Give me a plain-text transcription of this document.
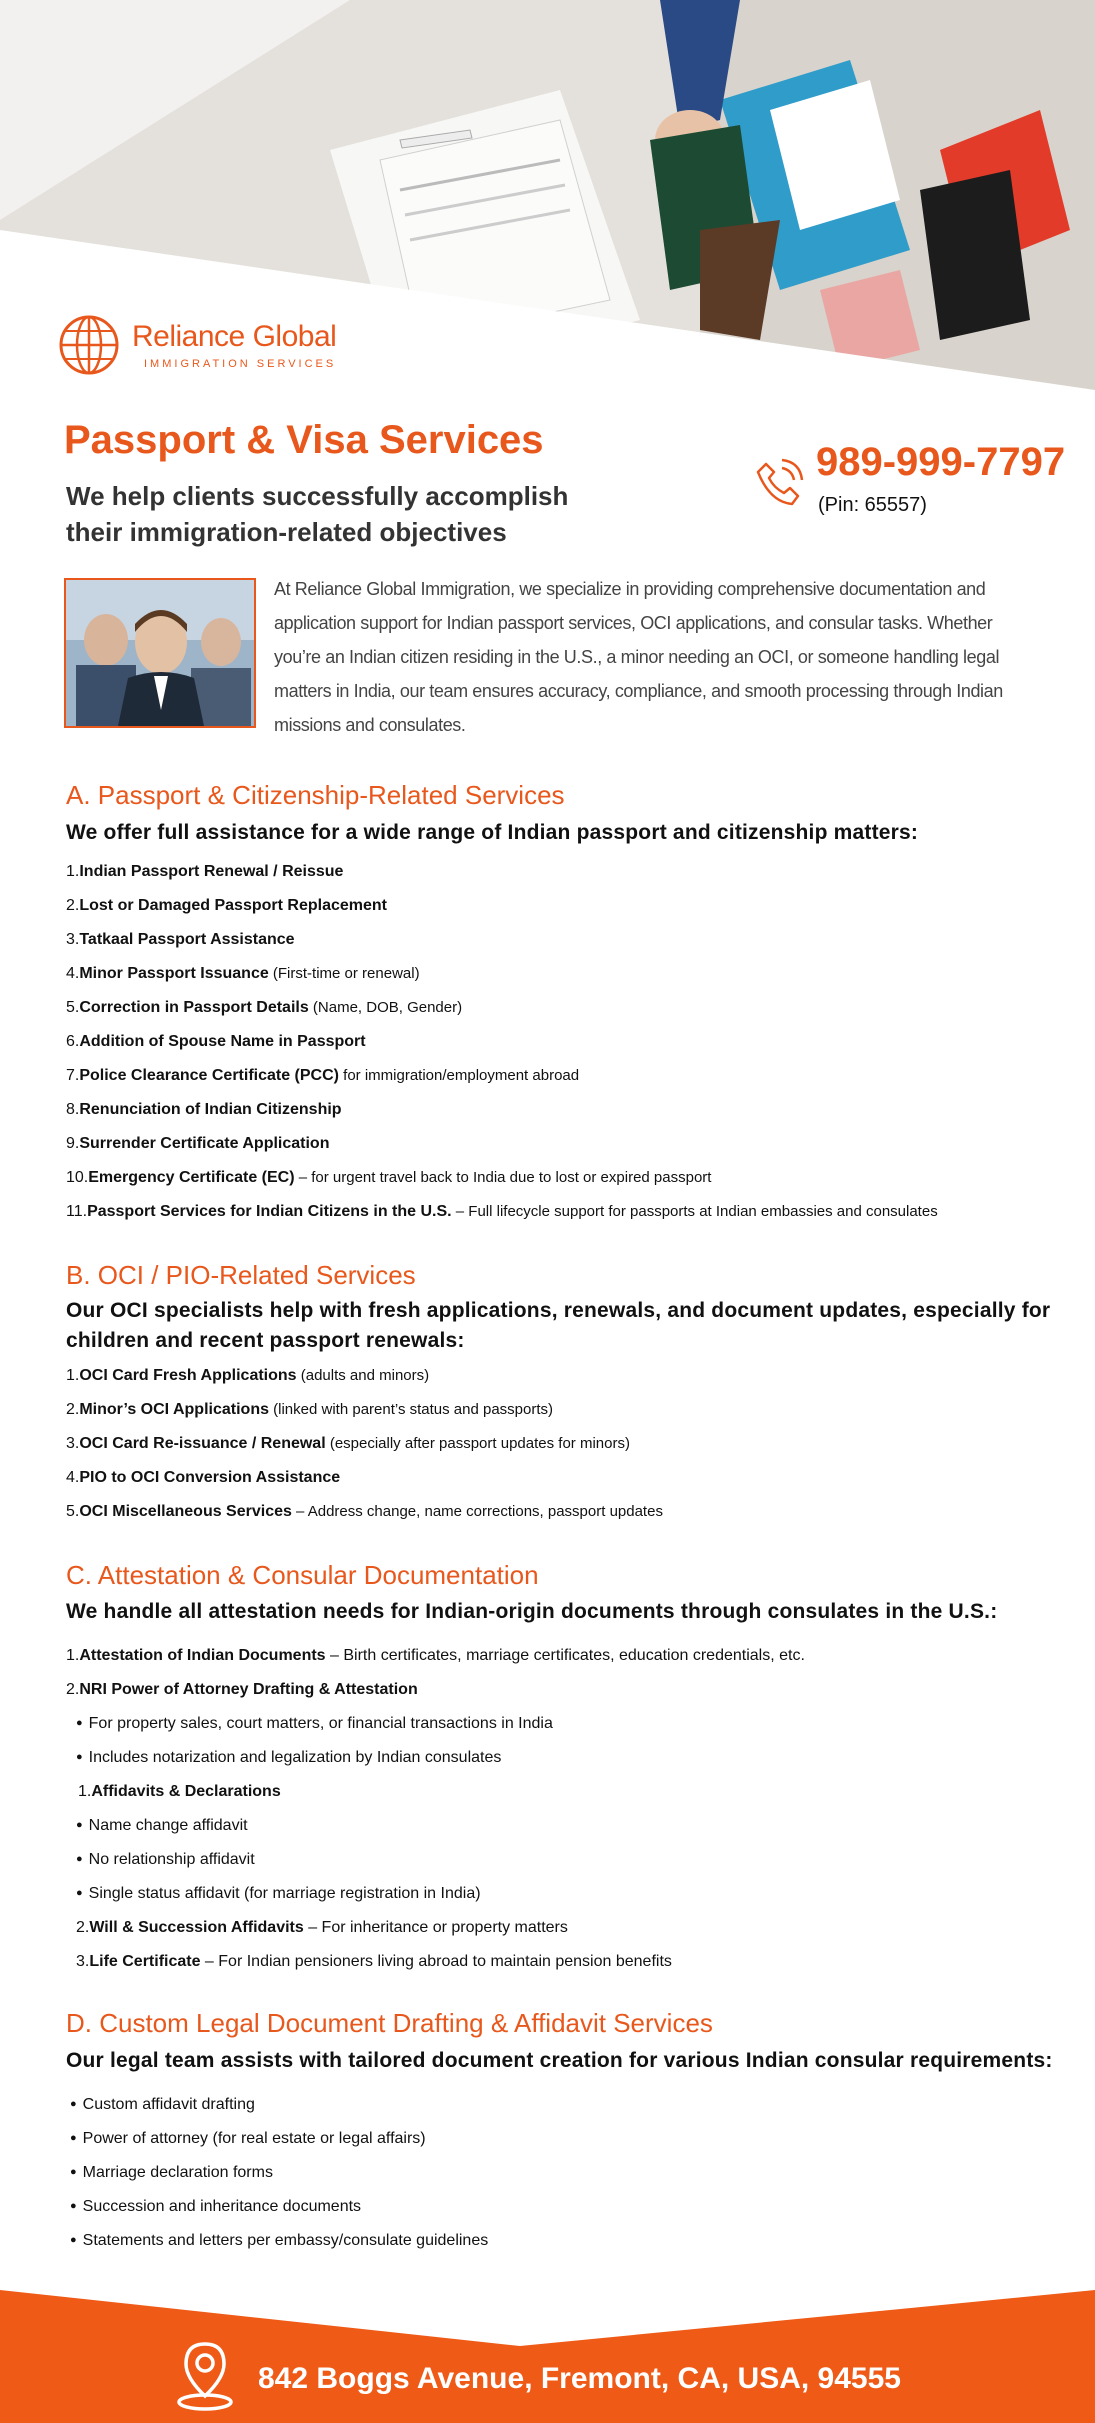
Reliance Global
IMMIGRATION SERVICES
Passport & Visa Services

We help clients successfully accomplish their immigration-related objectives

989-999-7797
(Pin: 65557)

At Reliance Global Immigration, we specialize in providing comprehensive documentation and application support for Indian passport services, OCI applications, and consular tasks. Whether you’re an Indian citizen residing in the U.S., a minor needing an OCI, or someone handling legal matters in India, our team ensures accuracy, compliance, and smooth processing through Indian missions and consulates.

A. Passport & Citizenship-Related Services

We offer full assistance for a wide range of Indian passport and citizenship matters:

1.Indian Passport Renewal / Reissue
2.Lost or Damaged Passport Replacement
3.Tatkaal Passport Assistance
4.Minor Passport Issuance (First-time or renewal)
5.Correction in Passport Details (Name, DOB, Gender)
6.Addition of Spouse Name in Passport
7.Police Clearance Certificate (PCC) for immigration/employment abroad
8.Renunciation of Indian Citizenship
9.Surrender Certificate Application
10.Emergency Certificate (EC) – for urgent travel back to India due to lost or expired passport
11.Passport Services for Indian Citizens in the U.S. – Full lifecycle support for passports at Indian embassies and consulates
B. OCI / PIO-Related Services

Our OCI specialists help with fresh applications, renewals, and document updates, especially for children and recent passport renewals:

1.OCI Card Fresh Applications (adults and minors)
2.Minor’s OCI Applications (linked with parent’s status and passports)
3.OCI Card Re-issuance / Renewal (especially after passport updates for minors)
4.PIO to OCI Conversion Assistance
5.OCI Miscellaneous Services – Address change, name corrections, passport updates
C. Attestation & Consular Documentation

We handle all attestation needs for Indian-origin documents through consulates in the U.S.:

1.Attestation of Indian Documents – Birth certificates, marriage certificates, education credentials, etc.
2.NRI Power of Attorney Drafting & Attestation
● For property sales, court matters, or financial transactions in India
● Includes notarization and legalization by Indian consulates
1.Affidavits & Declarations
● Name change affidavit
● No relationship affidavit
● Single status affidavit (for marriage registration in India)
2.Will & Succession Affidavits – For inheritance or property matters
3.Life Certificate – For Indian pensioners living abroad to maintain pension benefits
D. Custom Legal Document Drafting & Affidavit Services

Our legal team assists with tailored document creation for various Indian consular requirements:

● Custom affidavit drafting
● Power of attorney (for real estate or legal affairs)
● Marriage declaration forms
● Succession and inheritance documents
● Statements and letters per embassy/consulate guidelines
842 Boggs Avenue, Fremont, CA, USA, 94555
